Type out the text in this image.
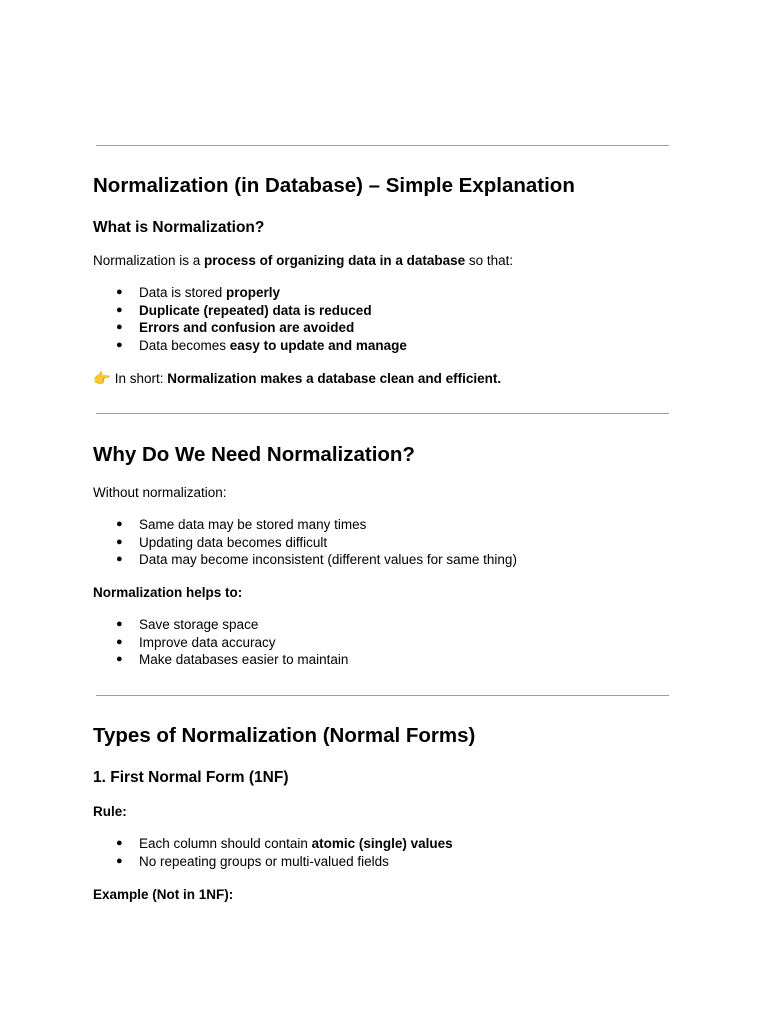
Normalization (in Database) – Simple Explanation
What is Normalization?

Normalization is a process of organizing data in a database so that:

● Data is stored properly
● Duplicate (repeated) data is reduced
● Errors and confusion are avoided
● Data becomes easy to update and manage

👉 In short: Normalization makes a database clean and efficient.

Why Do We Need Normalization?

Without normalization:

● Same data may be stored many times
● Updating data becomes difficult
● Data may become inconsistent (different values for same thing)

Normalization helps to:

● Save storage space
● Improve data accuracy
● Make databases easier to maintain
Types of Normalization (Normal Forms)
1. First Normal Form (1NF)

Rule:

● Each column should contain atomic (single) values
● No repeating groups or multi-valued fields

Example (Not in 1NF):
